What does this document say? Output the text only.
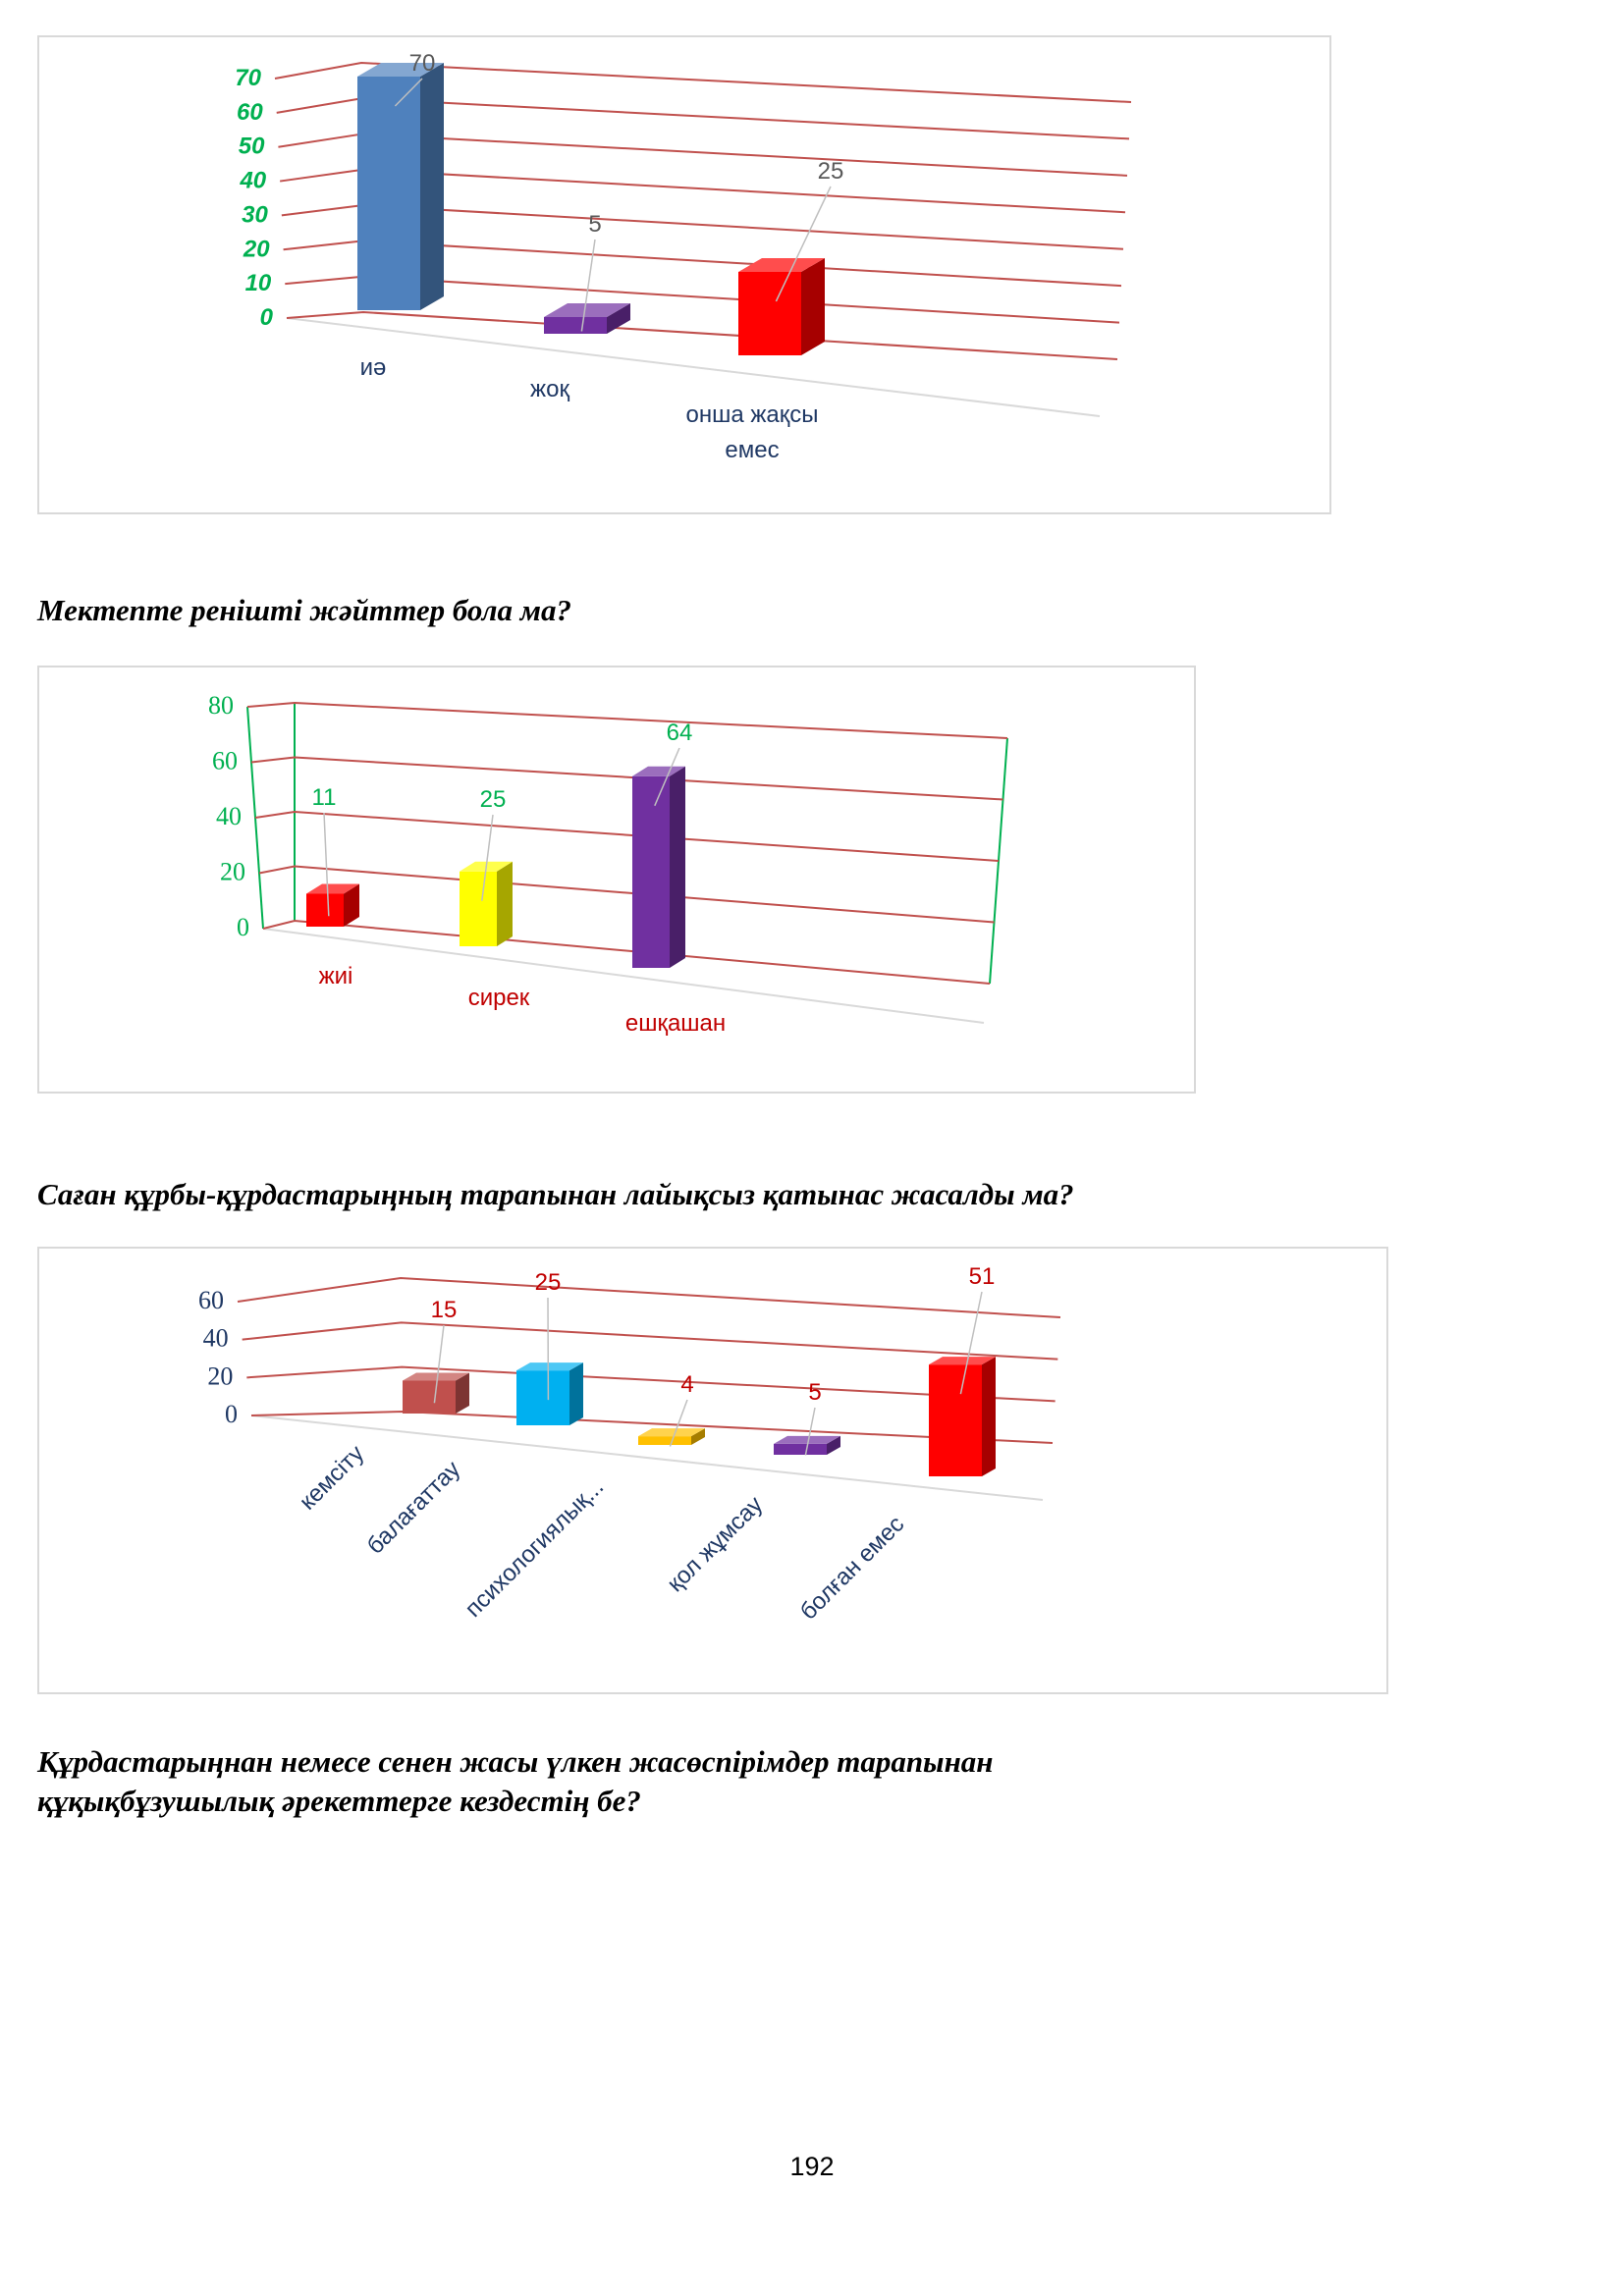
0
10
20
30
40
50
60
70
70
иә
5
жоқ
25
онша жақсы
емес
Мектепте ренішті жәйттер бола ма?
0
20
40
60
80
11
жиі
25
сирек
64
ешқашан
Саған құрбы-құрдастарыңның тарапынан лайықсыз қатынас жасалды ма?
0
20
40
60	15
кемсіту
25
балағаттау
4
психологиялық...
5
қол жұмсау
51
болған емес
Құрдастарыңнан немесе сенен жасы үлкен жасөспірімдер тарапынан
құқықбұзушылық әрекеттерге кездестің бе?
192
